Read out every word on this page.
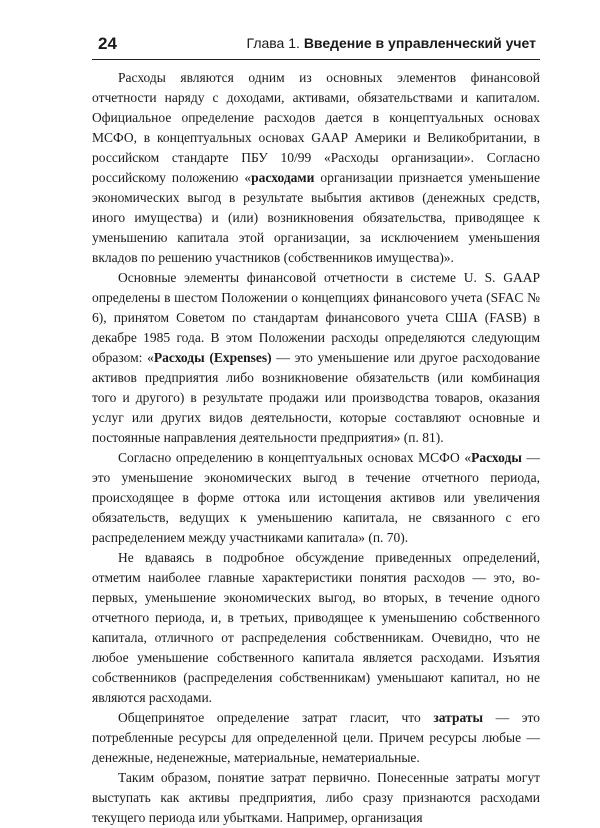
24	Глава 1. Введение в управленческий учет

Расходы являются одним из основных элементов финансовой отчетности наряду с доходами, активами, обязательствами и капиталом. Официальное определение расходов дается в концептуальных основах МСФО, в концептуальных основах GAAP Америки и Великобритании, в российском стандарте ПБУ 10/99 «Расходы организации». Согласно российскому положению «расходами организации признается уменьшение экономических выгод в результате выбытия активов (денежных средств, иного имущества) и (или) возникновения обязательства, приводящее к уменьшению капитала этой организации, за исключением уменьшения вкладов по решению участников (собственников имущества)».

Основные элементы финансовой отчетности в системе U. S. GAAP определены в шестом Положении о концепциях финансового учета (SFAC № 6), принятом Советом по стандартам финансового учета США (FASB) в декабре 1985 года. В этом Положении расходы определяются следующим образом: «Расходы (Expenses) — это уменьшение или другое расходование активов предприятия либо возникновение обязательств (или комбинация того и другого) в результате продажи или производства товаров, оказания услуг или других видов деятельности, которые составляют основные и постоянные направления деятельности предприятия» (п. 81).

Согласно определению в концептуальных основах МСФО «Расходы — это уменьшение экономических выгод в течение отчетного периода, происходящее в форме оттока или истощения активов или увеличения обязательств, ведущих к уменьшению капитала, не связанного с его распределением между участниками капитала» (п. 70).

Не вдаваясь в подробное обсуждение приведенных определений, отметим наиболее главные характеристики понятия расходов — это, во-первых, уменьшение экономических выгод, во вторых, в течение одного отчетного периода, и, в третьих, приводящее к уменьшению собственного капитала, отличного от распределения собственникам. Очевидно, что не любое уменьшение собственного капитала является расходами. Изъятия собственников (распределения собственникам) уменьшают капитал, но не являются расходами.

Общепринятое определение затрат гласит, что затраты — это потребленные ресурсы для определенной цели. Причем ресурсы любые — денежные, неденежные, материальные, нематериальные.

Таким образом, понятие затрат первично. Понесенные затраты могут выступать как активы предприятия, либо сразу признаются расходами текущего периода или убытками. Например, организация
